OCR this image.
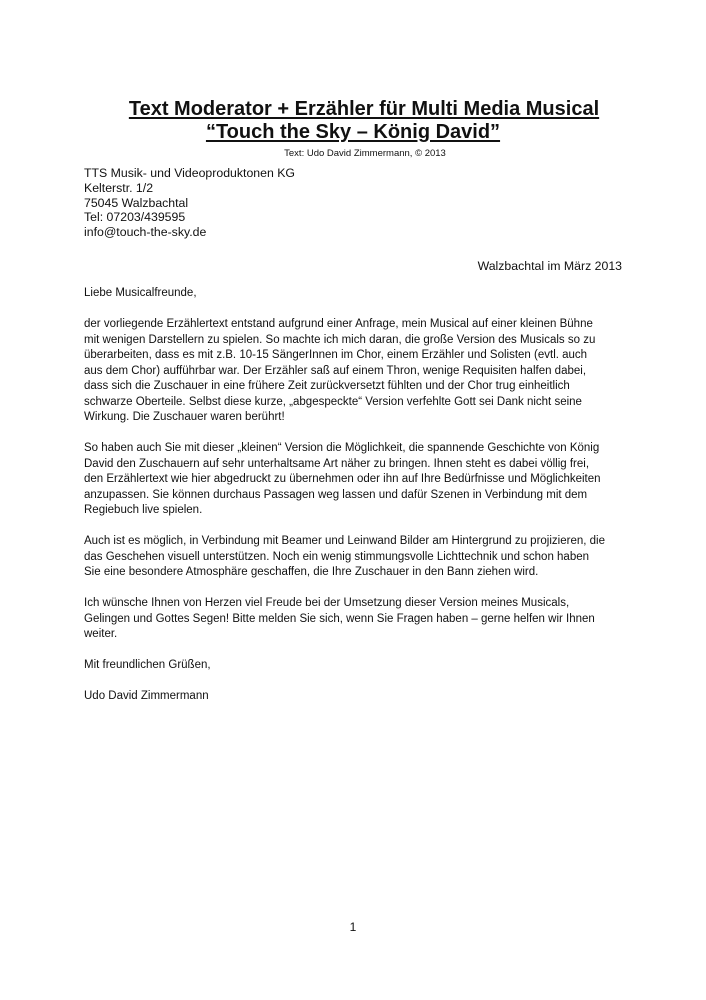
Text Moderator + Erzähler für Multi Media Musical
“Touch the Sky – König David”
Text: Udo David Zimmermann, © 2013
TTS Musik- und Videoproduktonen KG
Kelterstr. 1/2
75045 Walzbachtal
Tel: 07203/439595
info@touch-the-sky.de
Walzbachtal im März 2013

Liebe Musicalfreunde,

der vorliegende Erzählertext entstand aufgrund einer Anfrage, mein Musical auf einer kleinen Bühne
mit wenigen Darstellern zu spielen. So machte ich mich daran, die große Version des Musicals so zu
überarbeiten, dass es mit z.B. 10-15 SängerInnen im Chor, einem Erzähler und Solisten (evtl. auch
aus dem Chor) aufführbar war. Der Erzähler saß auf einem Thron, wenige Requisiten halfen dabei,
dass sich die Zuschauer in eine frühere Zeit zurückversetzt fühlten und der Chor trug einheitlich
schwarze Oberteile. Selbst diese kurze, „abgespeckte“ Version verfehlte Gott sei Dank nicht seine
Wirkung. Die Zuschauer waren berührt!

So haben auch Sie mit dieser „kleinen“ Version die Möglichkeit, die spannende Geschichte von König
David den Zuschauern auf sehr unterhaltsame Art näher zu bringen. Ihnen steht es dabei völlig frei,
den Erzählertext wie hier abgedruckt zu übernehmen oder ihn auf Ihre Bedürfnisse und Möglichkeiten
anzupassen. Sie können durchaus Passagen weg lassen und dafür Szenen in Verbindung mit dem
Regiebuch live spielen.

Auch ist es möglich, in Verbindung mit Beamer und Leinwand Bilder am Hintergrund zu projizieren, die
das Geschehen visuell unterstützen. Noch ein wenig stimmungsvolle Lichttechnik und schon haben
Sie eine besondere Atmosphäre geschaffen, die Ihre Zuschauer in den Bann ziehen wird.

Ich wünsche Ihnen von Herzen viel Freude bei der Umsetzung dieser Version meines Musicals,
Gelingen und Gottes Segen! Bitte melden Sie sich, wenn Sie Fragen haben – gerne helfen wir Ihnen
weiter.

Mit freundlichen Grüßen,

Udo David Zimmermann

1
